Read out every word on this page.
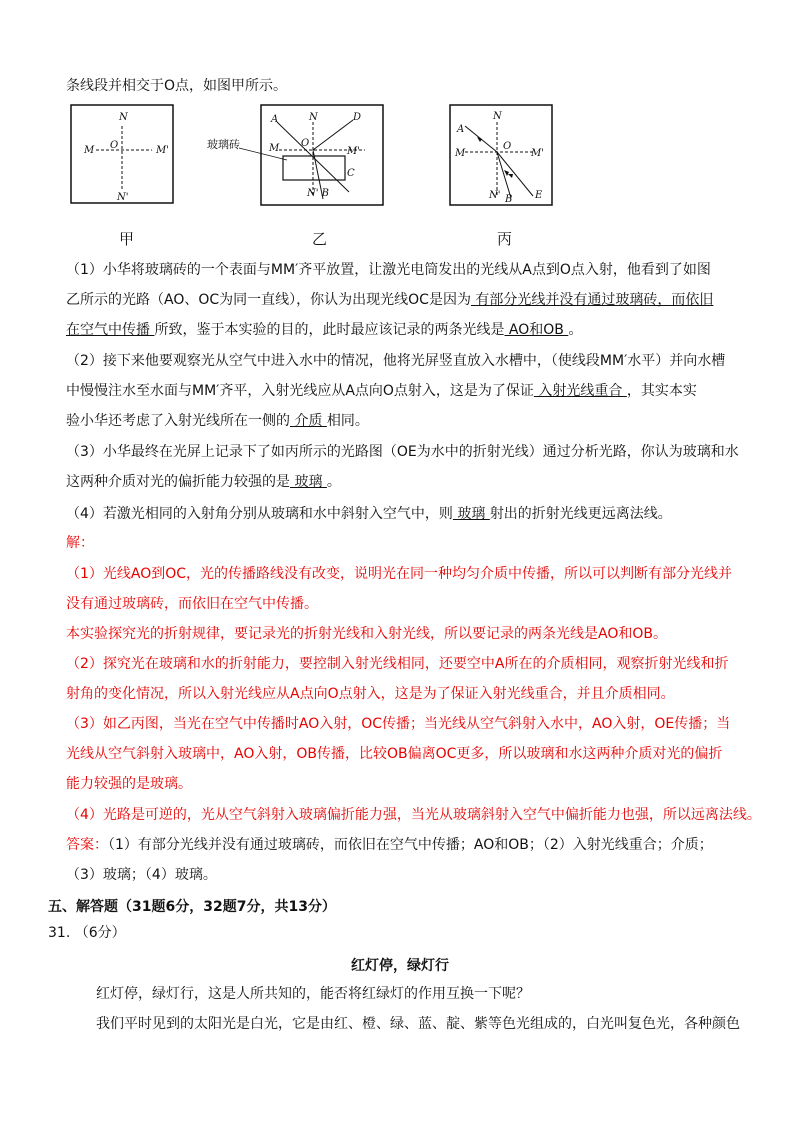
条线段并相交于O点，如图甲所示。
N
M O	M'
N'
甲
玻璃砖
A	N	D
M O
M'
C
N' B
乙
A
N
M
O
M'
N' B E
丙
（1）小华将玻璃砖的一个表面与MM′齐平放置，让激光电筒发出的光线从A点到O点入射，他看到了如图
乙所示的光路（AO、OC为同一直线），你认为出现光线OC是因为 有部分光线并没有通过玻璃砖，而依旧
在空气中传播 所致，鉴于本实验的目的，此时最应该记录的两条光线是 AO和OB 。
（2）接下来他要观察光从空气中进入水中的情况，他将光屏竖直放入水槽中，（使线段MM′水平）并向水槽
中慢慢注水至水面与MM′齐平，入射光线应从A点向O点射入，这是为了保证 入射光线重合 ，其实本实
验小华还考虑了入射光线所在一侧的 介质 相同。
（3）小华最终在光屏上记录下了如丙所示的光路图（OE为水中的折射光线）通过分析光路，你认为玻璃和水
这两种介质对光的偏折能力较强的是 玻璃 。
（4）若激光相同的入射角分别从玻璃和水中斜射入空气中，则 玻璃 射出的折射光线更远离法线。
解：
（1）光线AO到OC，光的传播路线没有改变，说明光在同一种均匀介质中传播，所以可以判断有部分光线并
没有通过玻璃砖，而依旧在空气中传播。
本实验探究光的折射规律，要记录光的折射光线和入射光线，所以要记录的两条光线是AO和OB。
（2）探究光在玻璃和水的折射能力，要控制入射光线相同，还要空中A所在的介质相同，观察折射光线和折
射角的变化情况，所以入射光线应从A点向O点射入，这是为了保证入射光线重合，并且介质相同。
（3）如乙丙图，当光在空气中传播时AO入射，OC传播；当光线从空气斜射入水中，AO入射，OE传播；当
光线从空气斜射入玻璃中，AO入射，OB传播，比较OB偏离OC更多，所以玻璃和水这两种介质对光的偏折
能力较强的是玻璃。
（4）光路是可逆的，光从空气斜射入玻璃偏折能力强，当光从玻璃斜射入空气中偏折能力也强，所以远离法线。
答案：（1）有部分光线并没有通过玻璃砖，而依旧在空气中传播；AO和OB；（2）入射光线重合；介质；
（3）玻璃；（4）玻璃。
五、解答题（31题6分，32题7分，共13分）
31. （6分）
红灯停，绿灯行
红灯停，绿灯行，这是人所共知的，能否将红绿灯的作用互换一下呢？
我们平时见到的太阳光是白光，它是由红、橙、绿、蓝、靛、紫等色光组成的，白光叫复色光，各种颜色
